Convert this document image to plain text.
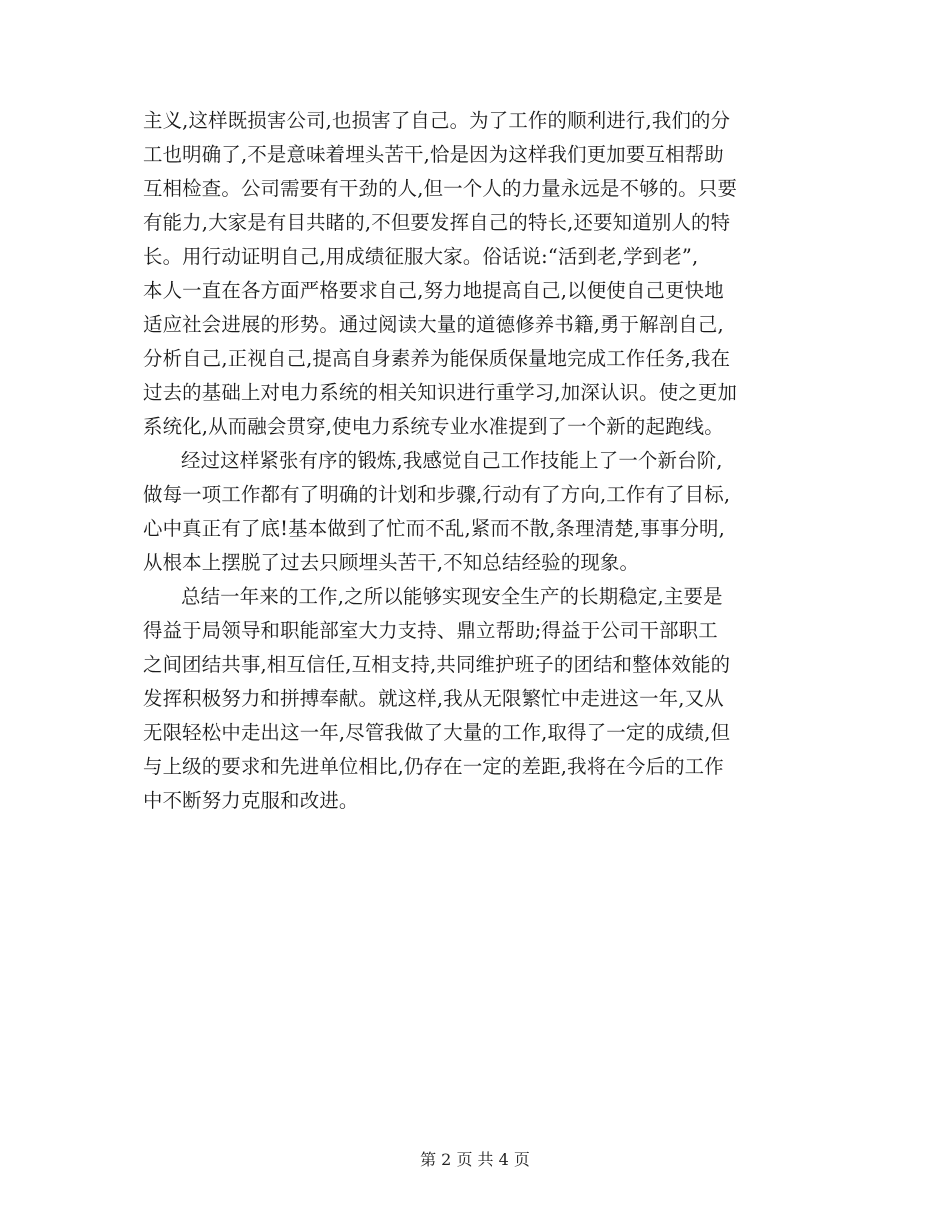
主义,这样既损害公司,也损害了自己。为了工作的顺利进行,我们的分
工也明确了,不是意味着埋头苦干,恰是因为这样我们更加要互相帮助
互相检查。公司需要有干劲的人,但一个人的力量永远是不够的。只要
有能力,大家是有目共睹的,不但要发挥自己的特长,还要知道别人的特
长。用行动证明自己,用成绩征服大家。俗话说:“活到老,学到老”,
本人一直在各方面严格要求自己,努力地提高自己,以便使自己更快地
适应社会进展的形势。通过阅读大量的道德修养书籍,勇于解剖自己,
分析自己,正视自己,提高自身素养为能保质保量地完成工作任务,我在
过去的基础上对电力系统的相关知识进行重学习,加深认识。使之更加
系统化,从而融会贯穿,使电力系统专业水准提到了一个新的起跑线。
经过这样紧张有序的锻炼,我感觉自己工作技能上了一个新台阶,
做每一项工作都有了明确的计划和步骤,行动有了方向,工作有了目标,
心中真正有了底!基本做到了忙而不乱,紧而不散,条理清楚,事事分明,
从根本上摆脱了过去只顾埋头苦干,不知总结经验的现象。
总结一年来的工作,之所以能够实现安全生产的长期稳定,主要是
得益于局领导和职能部室大力支持、鼎立帮助;得益于公司干部职工
之间团结共事,相互信任,互相支持,共同维护班子的团结和整体效能的
发挥积极努力和拼搏奉献。就这样,我从无限繁忙中走进这一年,又从
无限轻松中走出这一年,尽管我做了大量的工作,取得了一定的成绩,但
与上级的要求和先进单位相比,仍存在一定的差距,我将在今后的工作
中不断努力克服和改进。
第 2 页 共 4 页
